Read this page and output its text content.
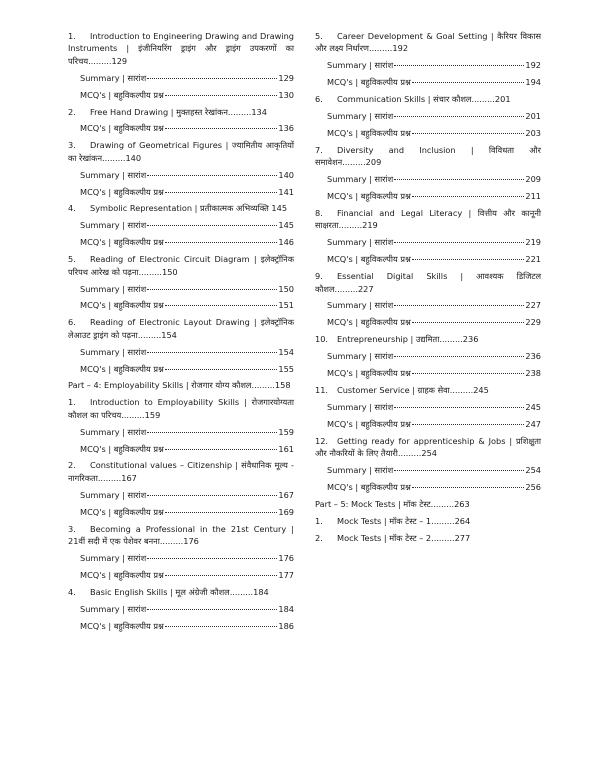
1. Introduction to Engineering Drawing and Drawing Instruments | इंजीनियरिंग ड्राइंग और ड्राइंग उपकरणों का परिचय.........129
Summary | सारांश	129
MCQ's | बहुविकल्पीय प्रश्न	130
2. Free Hand Drawing | मुक्तहस्त रेखांकन.........134
MCQ's | बहुविकल्पीय प्रश्न	136
3. Drawing of Geometrical Figures | ज्यामितीय आकृतियों का रेखांकन.........140
Summary | सारांश	140
MCQ's | बहुविकल्पीय प्रश्न	141
4. Symbolic Representation | प्रतीकात्मक अभिव्यक्ति 145
Summary | सारांश	145
MCQ's | बहुविकल्पीय प्रश्न	146
5. Reading of Electronic Circuit Diagram | इलेक्ट्रॉनिक परिपथ आरेख को पढ़ना.........150
Summary | सारांश	150
MCQ's | बहुविकल्पीय प्रश्न	151
6. Reading of Electronic Layout Drawing | इलेक्ट्रॉनिक लेआउट ड्राइंग को पढ़ना.........154
Summary | सारांश	154
MCQ's | बहुविकल्पीय प्रश्न	155
Part – 4: Employability Skills | रोजगार योग्य कौशल.........158
1. Introduction to Employability Skills | रोजगारयोग्यता कौशल का परिचय.........159
Summary | सारांश	159
MCQ's | बहुविकल्पीय प्रश्न	161
2. Constitutional values – Citizenship | संवैधानिक मूल्य - नागरिकता.........167
Summary | सारांश	167
MCQ's | बहुविकल्पीय प्रश्न	169
3. Becoming a Professional in the 21st Century | 21वीं सदी में एक पेशेवर बनना.........176
Summary | सारांश	176
MCQ's | बहुविकल्पीय प्रश्न	177
4. Basic English Skills | मूल अंग्रेजी कौशल.........184
Summary | सारांश	184
MCQ's | बहुविकल्पीय प्रश्न	186
5. Career Development & Goal Setting | कैरियर विकास और लक्ष्य निर्धारण.........192
Summary | सारांश	192
MCQ's | बहुविकल्पीय प्रश्न	194
6. Communication Skills | संचार कौशल.........201
Summary | सारांश	201
MCQ's | बहुविकल्पीय प्रश्न	203
7. Diversity and Inclusion | विविधता और समावेशन.........209
Summary | सारांश	209
MCQ's | बहुविकल्पीय प्रश्न	211
8. Financial and Legal Literacy | वित्तीय और कानूनी साक्षरता.........219
Summary | सारांश	219
MCQ's | बहुविकल्पीय प्रश्न	221
9. Essential Digital Skills | आवश्यक डिजिटल कौशल.........227
Summary | सारांश	227
MCQ's | बहुविकल्पीय प्रश्न	229
10. Entrepreneurship | उद्यमिता.........236
Summary | सारांश	236
MCQ's | बहुविकल्पीय प्रश्न	238
11. Customer Service | ग्राहक सेवा.........245
Summary | सारांश	245
MCQ's | बहुविकल्पीय प्रश्न	247
12. Getting ready for apprenticeship & Jobs | प्रशिक्षुता और नौकरियों के लिए तैयारी.........254
Summary | सारांश	254
MCQ's | बहुविकल्पीय प्रश्न	256
Part – 5: Mock Tests | मॉक टेस्ट.........263
1. Mock Tests | मॉक टेस्ट – 1.........264
2. Mock Tests | मॉक टेस्ट – 2.........277
